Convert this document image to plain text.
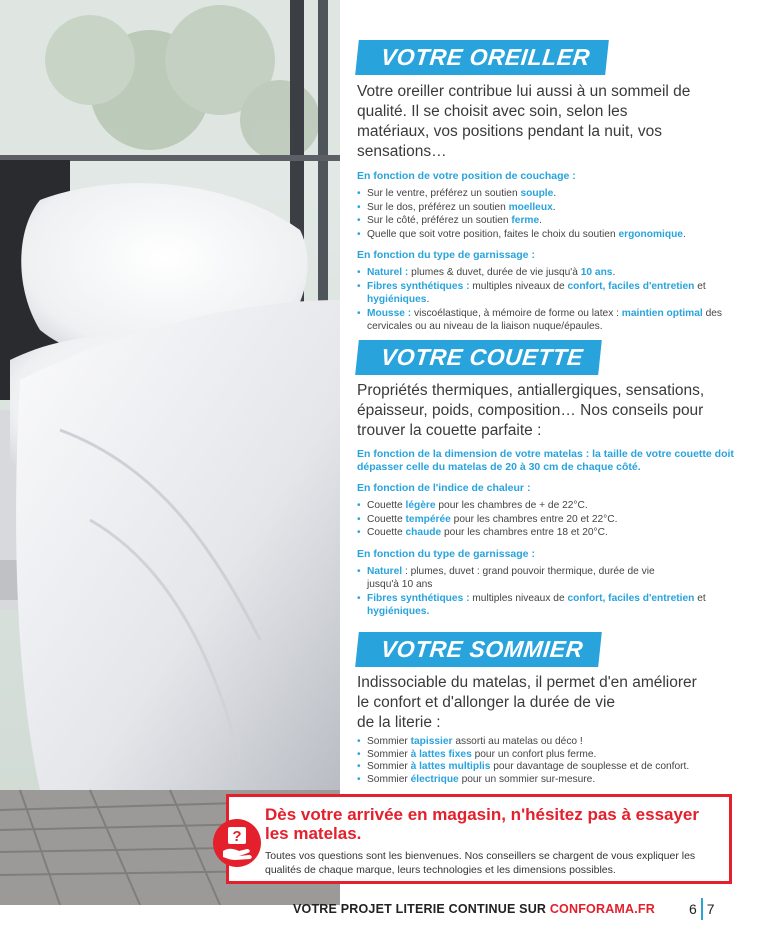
VOTRE OREILLER
Votre oreiller contribue lui aussi à un sommeil de qualité. Il se choisit avec soin, selon les matériaux, vos positions pendant la nuit, vos sensations…

En fonction de votre position de couchage :

• Sur le ventre, préférez un soutien souple.
• Sur le dos, préférez un soutien moelleux.
• Sur le côté, préférez un soutien ferme.
• Quelle que soit votre position, faites le choix du soutien ergonomique.

En fonction du type de garnissage :

• Naturel : plumes & duvet, durée de vie jusqu'à 10 ans.
• Fibres synthétiques : multiples niveaux de confort, faciles d'entretien et hygiéniques.
• Mousse : viscoélastique, à mémoire de forme ou latex : maintien optimal des cervicales ou au niveau de la liaison nuque/épaules.
VOTRE COUETTE
Propriétés thermiques, antiallergiques, sensations, épaisseur, poids, composition… Nos conseils pour trouver la couette parfaite :

En fonction de la dimension de votre matelas : la taille de votre couette doit dépasser celle du matelas de 20 à 30 cm de chaque côté.

En fonction de l'indice de chaleur :

• Couette légère pour les chambres de + de 22°C.
• Couette tempérée pour les chambres entre 20 et 22°C.
• Couette chaude pour les chambres entre 18 et 20°C.

En fonction du type de garnissage :

• Naturel : plumes, duvet : grand pouvoir thermique, durée de vie jusqu'à 10 ans
• Fibres synthétiques : multiples niveaux de confort, faciles d'entretien et hygiéniques.
VOTRE SOMMIER
Indissociable du matelas, il permet d'en améliorer
le confort et d'allonger la durée de vie
de la literie :
• Sommier tapissier assorti au matelas ou déco !
• Sommier à lattes fixes pour un confort plus ferme.
• Sommier à lattes multiplis pour davantage de souplesse et de confort.
• Sommier électrique pour un sommier sur-mesure.
?
Dès votre arrivée en magasin, n'hésitez pas à essayer les matelas.
Toutes vos questions sont les bienvenues. Nos conseillers se chargent de vous expliquer les qualités de chaque marque, leurs technologies et les dimensions possibles.
VOTRE PROJET LITERIE CONTINUE SUR CONFORAMA.FR 6 7
